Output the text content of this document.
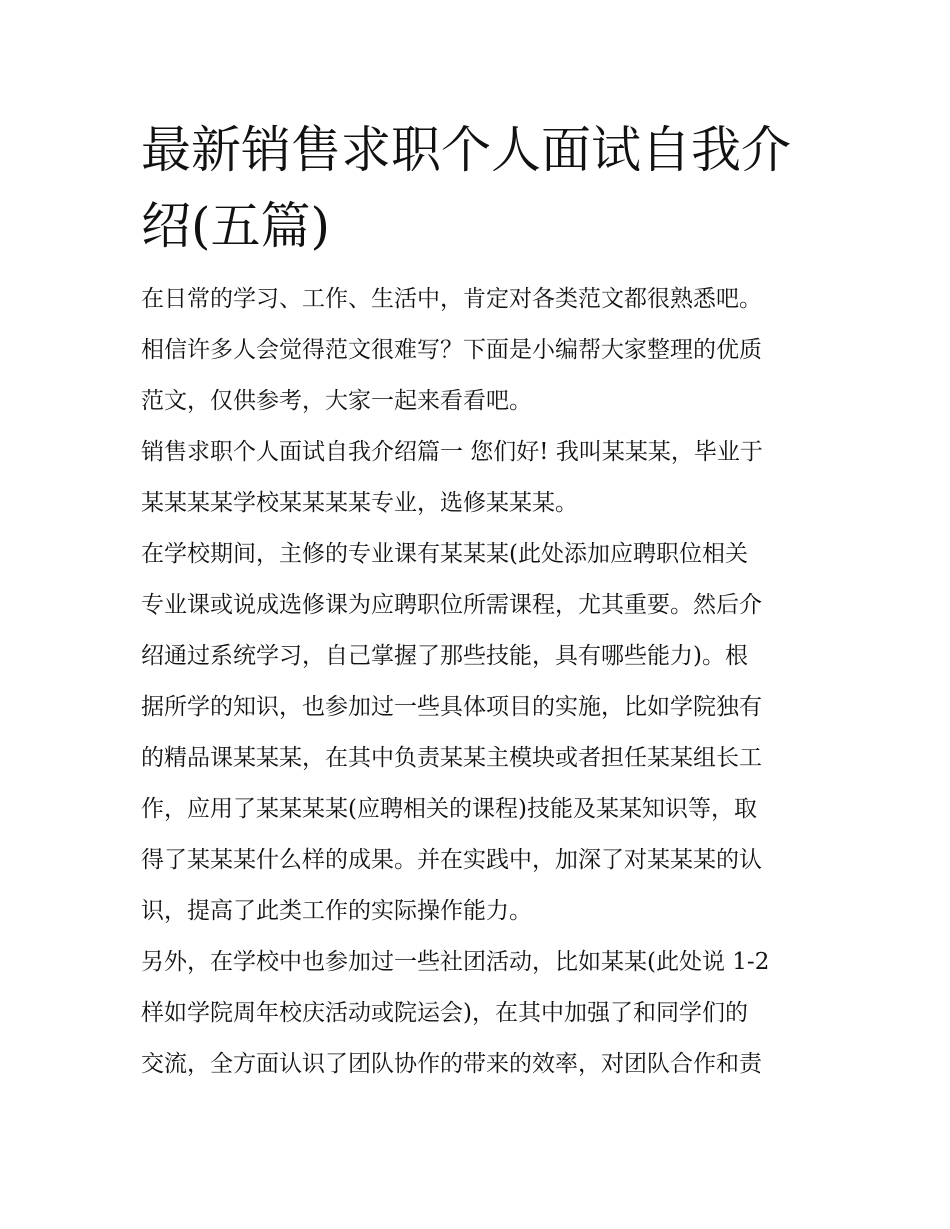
最新销售求职个人面试自我介
绍(五篇)
在日常的学习、工作、生活中，肯定对各类范文都很熟悉吧。
相信许多人会觉得范文很难写？下面是小编帮大家整理的优质
范文，仅供参考，大家一起来看看吧。
销售求职个人面试自我介绍篇一 您们好! 我叫某某某，毕业于
某某某某学校某某某某专业，选修某某某。
在学校期间，主修的专业课有某某某(此处添加应聘职位相关
专业课或说成选修课为应聘职位所需课程，尤其重要。然后介
绍通过系统学习，自己掌握了那些技能，具有哪些能力)。根
据所学的知识，也参加过一些具体项目的实施，比如学院独有
的精品课某某某，在其中负责某某主模块或者担任某某组长工
作，应用了某某某某(应聘相关的课程)技能及某某知识等，取
得了某某某什么样的成果。并在实践中，加深了对某某某的认
识，提高了此类工作的实际操作能力。
另外，在学校中也参加过一些社团活动，比如某某(此处说 1-2
样如学院周年校庆活动或院运会)，在其中加强了和同学们的
交流，全方面认识了团队协作的带来的效率，对团队合作和责
